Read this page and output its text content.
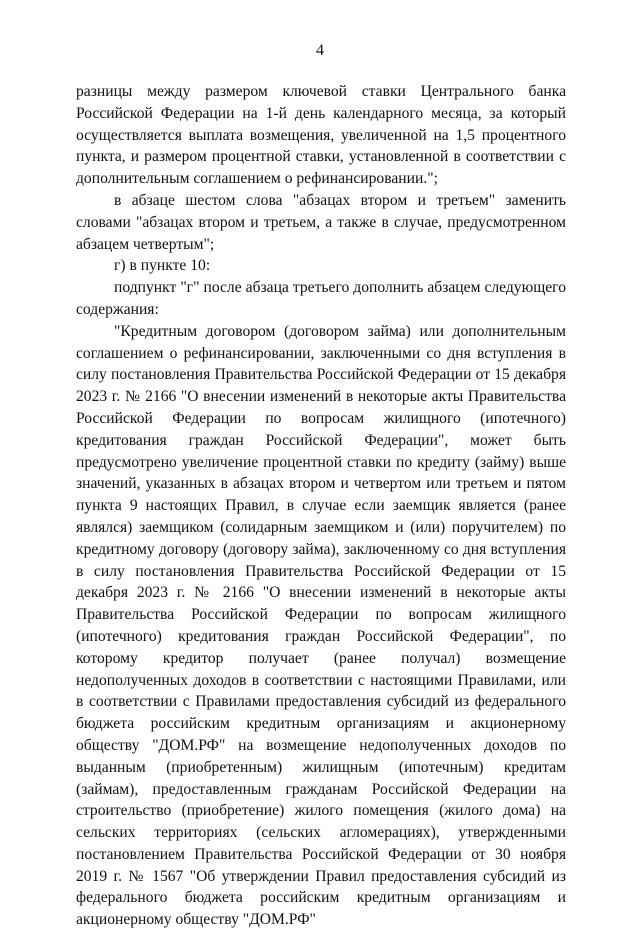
4

разницы между размером ключевой ставки Центрального банка Российской Федерации на 1-й день календарного месяца, за который осуществляется выплата возмещения, увеличенной на 1,5 процентного пункта, и размером процентной ставки, установленной в соответствии с дополнительным соглашением о рефинансировании.";

в абзаце шестом слова "абзацах втором и третьем" заменить словами "абзацах втором и третьем, а также в случае, предусмотренном абзацем четвертым";

г) в пункте 10:

подпункт "г" после абзаца третьего дополнить абзацем следующего содержания:

"Кредитным договором (договором займа) или дополнительным соглашением о рефинансировании, заключенными со дня вступления в силу постановления Правительства Российской Федерации от 15 декабря 2023 г. № 2166 "О внесении изменений в некоторые акты Правительства Российской Федерации по вопросам жилищного (ипотечного) кредитования граждан Российской Федерации", может быть предусмотрено увеличение процентной ставки по кредиту (займу) выше значений, указанных в абзацах втором и четвертом или третьем и пятом пункта 9 настоящих Правил, в случае если заемщик является (ранее являлся) заемщиком (солидарным заемщиком и (или) поручителем) по кредитному договору (договору займа), заключенному со дня вступления в силу постановления Правительства Российской Федерации от 15 декабря 2023 г. № 2166 "О внесении изменений в некоторые акты Правительства Российской Федерации по вопросам жилищного (ипотечного) кредитования граждан Российской Федерации", по которому кредитор получает (ранее получал) возмещение недополученных доходов в соответствии с настоящими Правилами, или в соответствии с Правилами предоставления субсидий из федерального бюджета российским кредитным организациям и акционерному обществу "ДОМ.РФ" на возмещение недополученных доходов по выданным (приобретенным) жилищным (ипотечным) кредитам (займам), предоставленным гражданам Российской Федерации на строительство (приобретение) жилого помещения (жилого дома) на сельских территориях (сельских агломерациях), утвержденными постановлением Правительства Российской Федерации от 30 ноября 2019 г. № 1567 "Об утверждении Правил предоставления субсидий из федерального бюджета российским кредитным организациям и акционерному обществу "ДОМ.РФ"
